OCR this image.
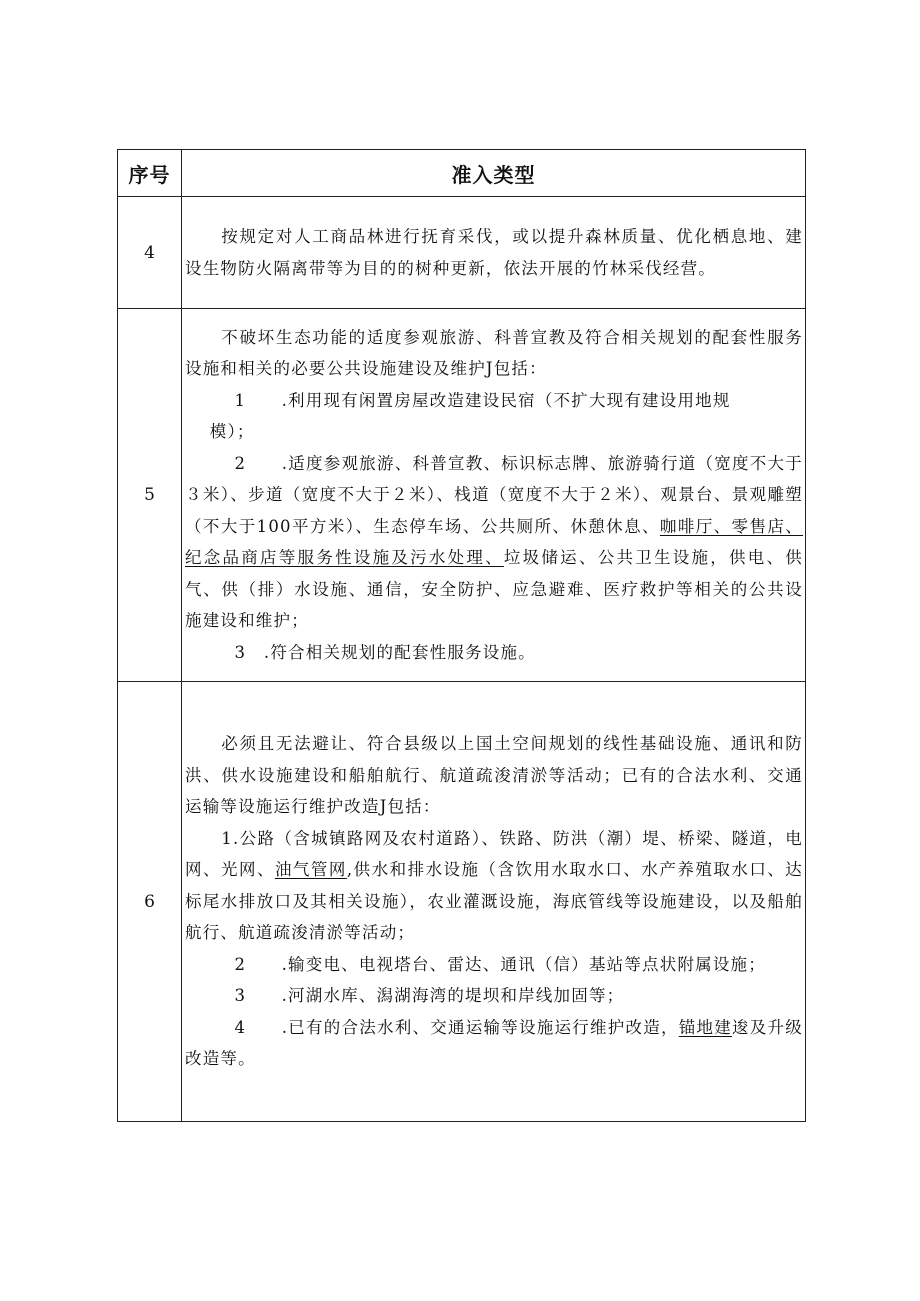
序号	准入类型
4	按规定对人工商品林进行抚育采伐，或以提升森林质量、优化栖息地、建设生物防火隔离带等为目的的树种更新，依法开展的竹林采伐经营。

5	不破坏生态功能的适度参观旅游、科普宣教及符合相关规划的配套性服务设施和相关的必要公共设施建设及维护J包括：

1　　.利用现有闲置房屋改造建设民宿（不扩大现有建设用地规

模）；

2　　.适度参观旅游、科普宣教、标识标志牌、旅游骑行道（宽度不大于３米）、步道（宽度不大于２米）、栈道（宽度不大于２米）、观景台、景观雕塑（不大于100平方米）、生态停车场、公共厕所、休憩休息、咖啡厅、零售店、纪念品商店等服务性设施及污水处理、垃圾储运、公共卫生设施，供电、供气、供（排）水设施、通信，安全防护、应急避难、医疗救护等相关的公共设施建设和维护；

3　.符合相关规划的配套性服务设施。

6	必须且无法避让、符合县级以上国土空间规划的线性基础设施、通讯和防洪、供水设施建设和船舶航行、航道疏浚清淤等活动；已有的合法水利、交通运输等设施运行维护改造J包括：

1.公路（含城镇路网及农村道路）、铁路、防洪（潮）堤、桥梁、隧道，电网、光网、油气管网,供水和排水设施（含饮用水取水口、水产养殖取水口、达标尾水排放口及其相关设施），农业灌溉设施，海底管线等设施建设，以及船舶航行、航道疏浚清淤等活动；

2　　.输变电、电视塔台、雷达、通讯（信）基站等点状附属设施；

3　　.河湖水库、潟湖海湾的堤坝和岸线加固等；

4　　.已有的合法水利、交通运输等设施运行维护改造，锚地建逡及升级改造等。
